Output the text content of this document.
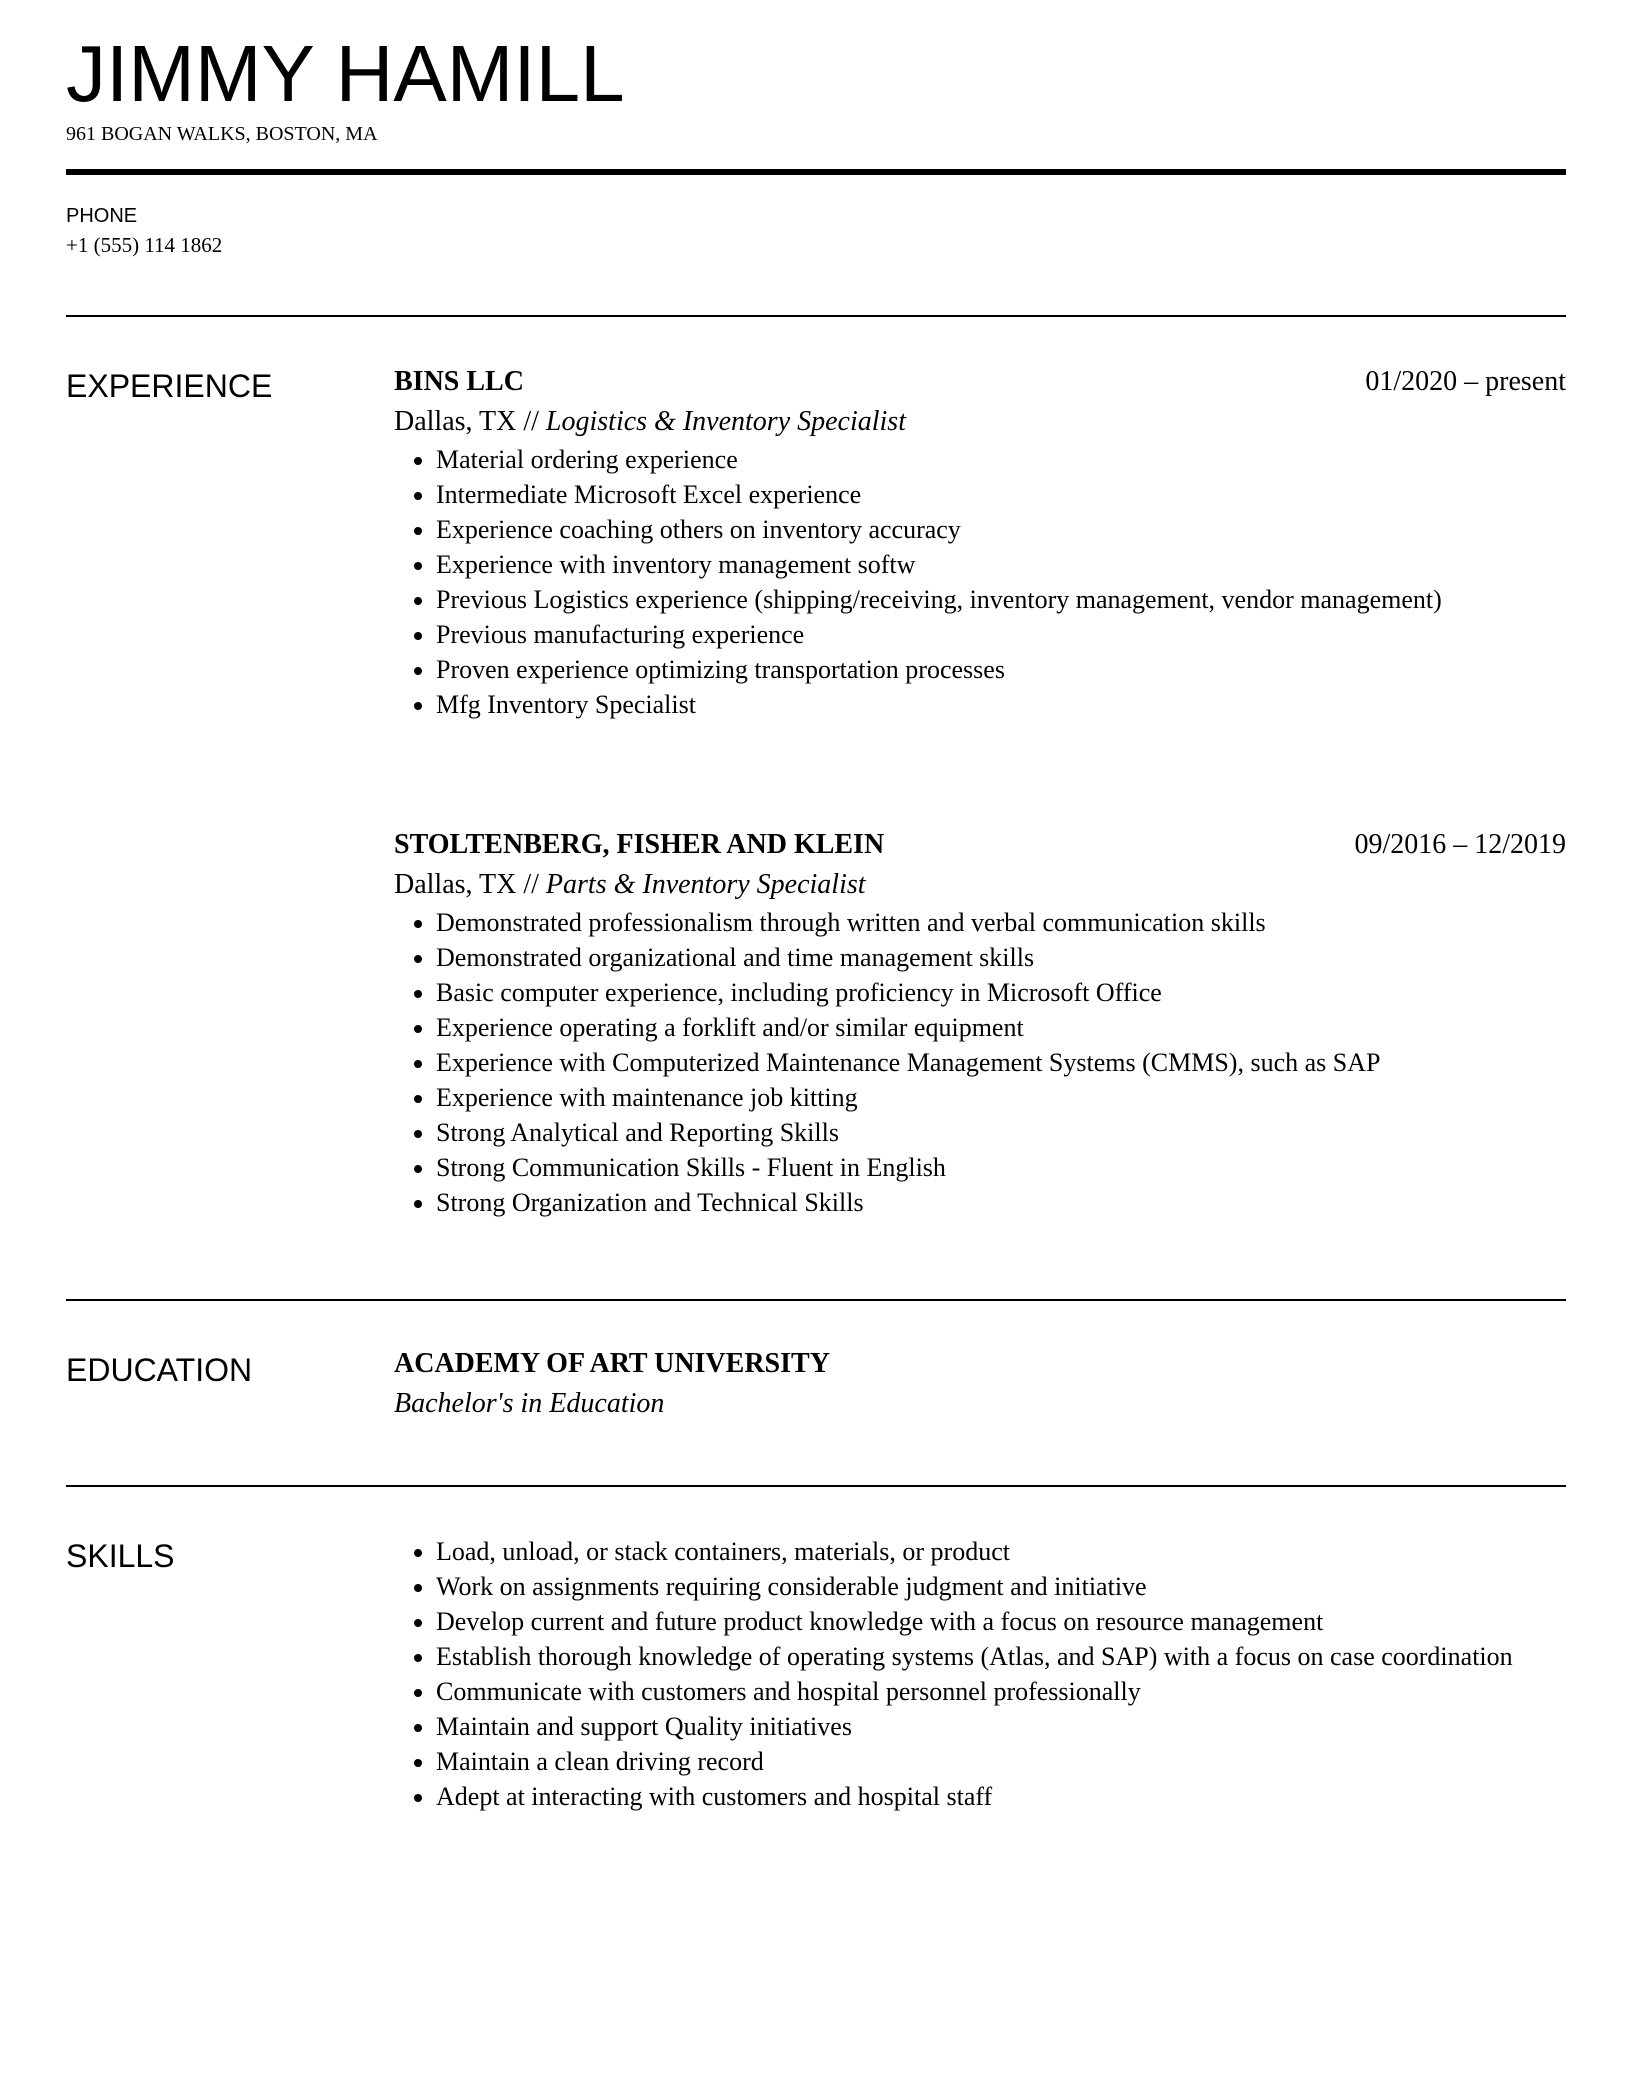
JIMMY HAMILL
961 BOGAN WALKS, BOSTON, MA
PHONE
+1 (555) 114 1862
EXPERIENCE	BINS LLC	01/2020 – present
Dallas, TX // Logistics & Inventory Specialist
• Material ordering experience
• Intermediate Microsoft Excel experience
• Experience coaching others on inventory accuracy
• Experience with inventory management softw
• Previous Logistics experience (shipping/receiving, inventory management, vendor management)
• Previous manufacturing experience
• Proven experience optimizing transportation processes
• Mfg Inventory Specialist
STOLTENBERG, FISHER AND KLEIN	09/2016 – 12/2019
Dallas, TX // Parts & Inventory Specialist
• Demonstrated professionalism through written and verbal communication skills
• Demonstrated organizational and time management skills
• Basic computer experience, including proficiency in Microsoft Office
• Experience operating a forklift and/or similar equipment
• Experience with Computerized Maintenance Management Systems (CMMS), such as SAP
• Experience with maintenance job kitting
• Strong Analytical and Reporting Skills
• Strong Communication Skills - Fluent in English
• Strong Organization and Technical Skills
EDUCATION	ACADEMY OF ART UNIVERSITY
Bachelor's in Education
SKILLS
•	Load, unload, or stack containers, materials, or product
• Work on assignments requiring considerable judgment and initiative
• Develop current and future product knowledge with a focus on resource management
• Establish thorough knowledge of operating systems (Atlas, and SAP) with a focus on case coordination
• Communicate with customers and hospital personnel professionally
• Maintain and support Quality initiatives
• Maintain a clean driving record
• Adept at interacting with customers and hospital staff
